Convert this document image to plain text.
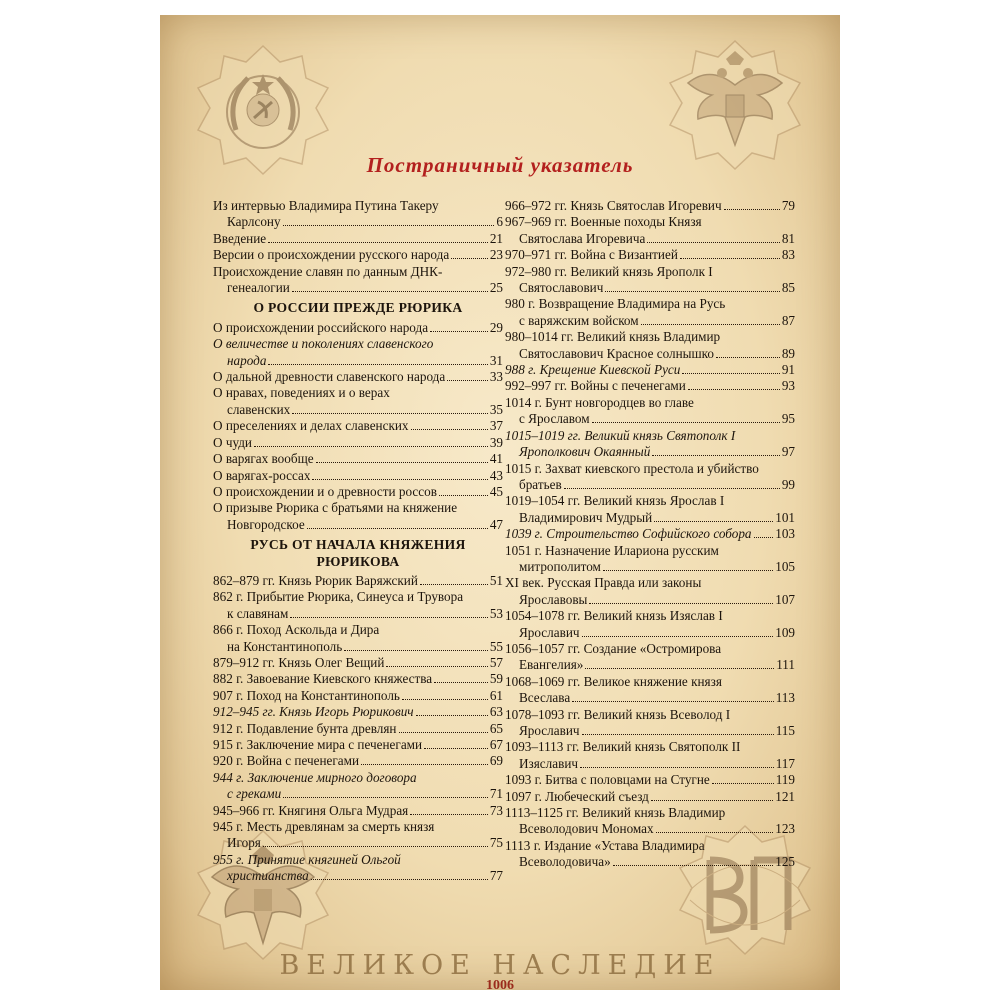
Постраничный указатель
Из интервью Владимира Путина Такеру
Карлсону	6
Введение	21
Версии о происхождении русского народа	23
Происхождение славян по данным ДНК-
генеалогии	25
О РОССИИ ПРЕЖДЕ РЮРИКА
О происхождении российского народа	29
О величестве и поколениях славенского
народа	31
О дальной древности славенского народа	33
О нравах, поведениях и о верах
славенских	35
О преселениях и делах славенских	37
О чуди	39
О варягах вообще	41
О варягах-россах	43
О происхождении и о древности россов	45
О призыве Рюрика с братьями на княжение
Новгородское	47
РУСЬ ОТ НАЧАЛА КНЯЖЕНИЯ РЮРИКОВА
862–879 гг. Князь Рюрик Варяжский	51
862 г. Прибытие Рюрика, Синеуса и Трувора
к славянам	53
866 г. Поход Аскольда и Дира
на Константинополь	55
879–912 гг. Князь Олег Вещий	57
882 г. Завоевание Киевского княжества	59
907 г. Поход на Константинополь	61
912–945 гг. Князь Игорь Рюрикович	63
912 г. Подавление бунта древлян	65
915 г. Заключение мира с печенегами	67
920 г. Война с печенегами	69
944 г. Заключение мирного договора
с греками	71
945–966 гг. Княгиня Ольга Мудрая	73
945 г. Месть древлянам за смерть князя
Игоря	75
955 г. Принятие княгиней Ольгой
христианства	77
966–972 гг. Князь Святослав Игоревич	79
967–969 гг. Военные походы Князя
Святослава Игоревича	81
970–971 гг. Война с Византией	83
972–980 гг. Великий князь Ярополк I
Святославович	85
980 г. Возвращение Владимира на Русь
с варяжским войском	87
980–1014 гг. Великий князь Владимир
Святославович Красное солнышко	89
988 г. Крещение Киевской Руси	91
992–997 гг. Войны с печенегами	93
1014 г. Бунт новгородцев во главе
с Ярославом	95
1015–1019 гг. Великий князь Святополк I
Ярополкович Окаянный	97
1015 г. Захват киевского престола и убийство
братьев	99
1019–1054 гг. Великий князь Ярослав I
Владимирович Мудрый	101
1039 г. Строительство Софийского собора 103
1051 г. Назначение Илариона русским
митрополитом	105
XI век. Русская Правда или законы
Ярославовы	107
1054–1078 гг. Великий князь Изяслав I
Ярославич	109
1056–1057 гг. Создание «Остромирова
Евангелия»	111
1068–1069 гг. Великое княжение князя
Всеслава	113
1078–1093 гг. Великий князь Всеволод I
Ярославич	115
1093–1113 гг. Великий князь Святополк II
Изяславич	117
1093 г. Битва с половцами на Стугне	119
1097 г. Любеческий съезд	121
1113–1125 гг. Великий князь Владимир
Всеволодович Мономах	123
1113 г. Издание «Устава Владимира
Всеволодовича»	125
ВЕЛИКОЕ НАСЛЕДИЕ
1006
